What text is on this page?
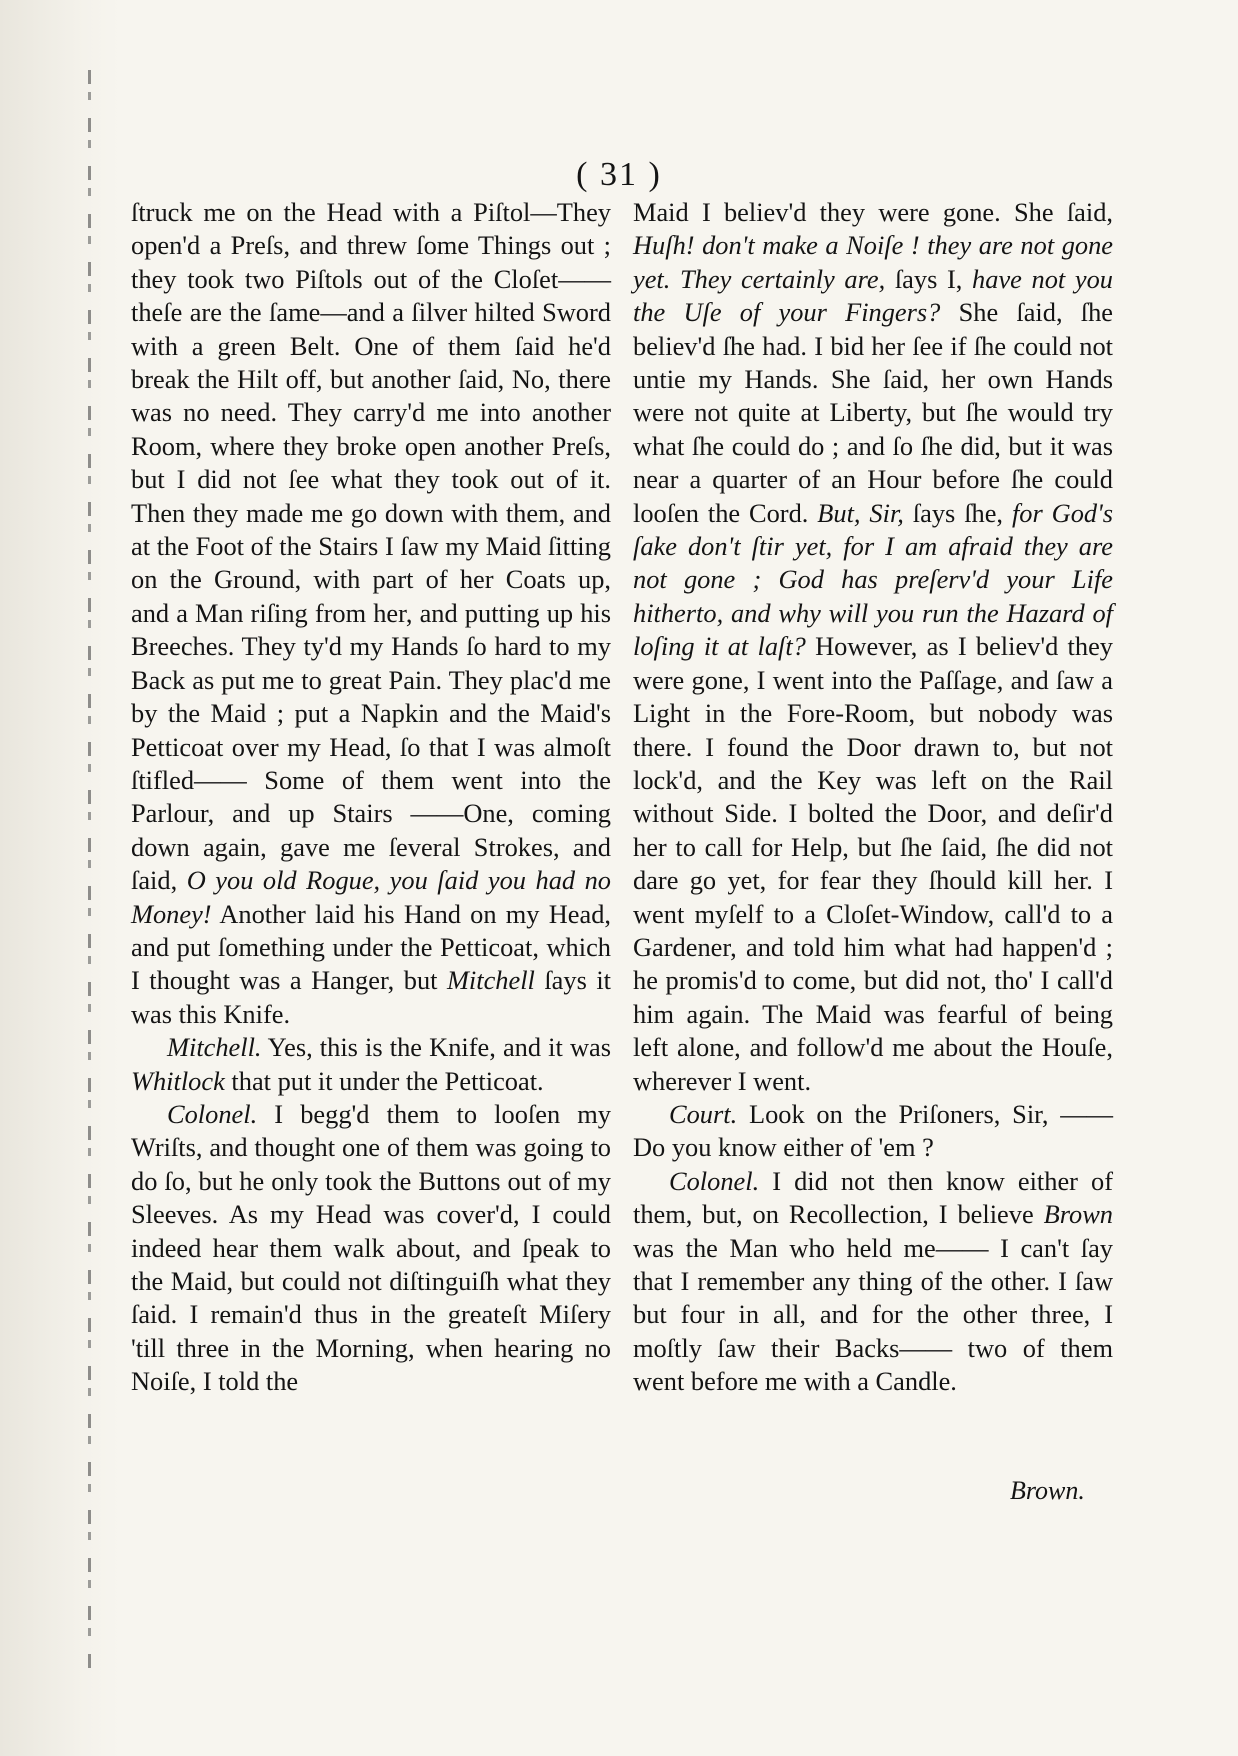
( 31 )

ſtruck me on the Head with a Piſtol—They open'd a Preſs, and threw ſome Things out ; they took two Piſtols out of the Cloſet——theſe are the ſame—and a ſilver hilted Sword with a green Belt. One of them ſaid he'd break the Hilt off, but another ſaid, No, there was no need. They carry'd me into another Room, where they broke open another Preſs, but I did not ſee what they took out of it. Then they made me go down with them, and at the Foot of the Stairs I ſaw my Maid ſitting on the Ground, with part of her Coats up, and a Man riſing from her, and putting up his Breeches. They ty'd my Hands ſo hard to my Back as put me to great Pain. They plac'd me by the Maid ; put a Napkin and the Maid's Petticoat over my Head, ſo that I was almoſt ſtifled—— Some of them went into the Parlour, and up Stairs ——One, coming down again, gave me ſeveral Strokes, and ſaid, O you old Rogue, you ſaid you had no Money! Another laid his Hand on my Head, and put ſomething under the Petticoat, which I thought was a Hanger, but Mitchell ſays it was this Knife.

Mitchell. Yes, this is the Knife, and it was Whitlock that put it under the Petticoat.

Colonel. I begg'd them to looſen my Wriſts, and thought one of them was going to do ſo, but he only took the Buttons out of my Sleeves. As my Head was cover'd, I could indeed hear them walk about, and ſpeak to the Maid, but could not diſtinguiſh what they ſaid. I remain'd thus in the greateſt Miſery 'till three in the Morning, when hearing no Noiſe, I told the

Maid I believ'd they were gone. She ſaid, Huſh! don't make a Noiſe ! they are not gone yet. They certainly are, ſays I, have not you the Uſe of your Fingers? She ſaid, ſhe believ'd ſhe had. I bid her ſee if ſhe could not untie my Hands. She ſaid, her own Hands were not quite at Liberty, but ſhe would try what ſhe could do ; and ſo ſhe did, but it was near a quarter of an Hour before ſhe could looſen the Cord. But, Sir, ſays ſhe, for God's ſake don't ſtir yet, for I am afraid they are not gone ; God has preſerv'd your Life hitherto, and why will you run the Hazard of loſing it at laſt? However, as I believ'd they were gone, I went into the Paſſage, and ſaw a Light in the Fore-Room, but nobody was there. I found the Door drawn to, but not lock'd, and the Key was left on the Rail without Side. I bolted the Door, and deſir'd her to call for Help, but ſhe ſaid, ſhe did not dare go yet, for fear they ſhould kill her. I went myſelf to a Cloſet-Window, call'd to a Gardener, and told him what had happen'd ; he promis'd to come, but did not, tho' I call'd him again. The Maid was fearful of being left alone, and follow'd me about the Houſe, wherever I went.

Court. Look on the Priſoners, Sir, ——Do you know either of 'em ?

Colonel. I did not then know either of them, but, on Recollection, I believe Brown was the Man who held me—— I can't ſay that I remember any thing of the other. I ſaw but four in all, and for the other three, I moſtly ſaw their Backs—— two of them went before me with a Candle.

Brown.
